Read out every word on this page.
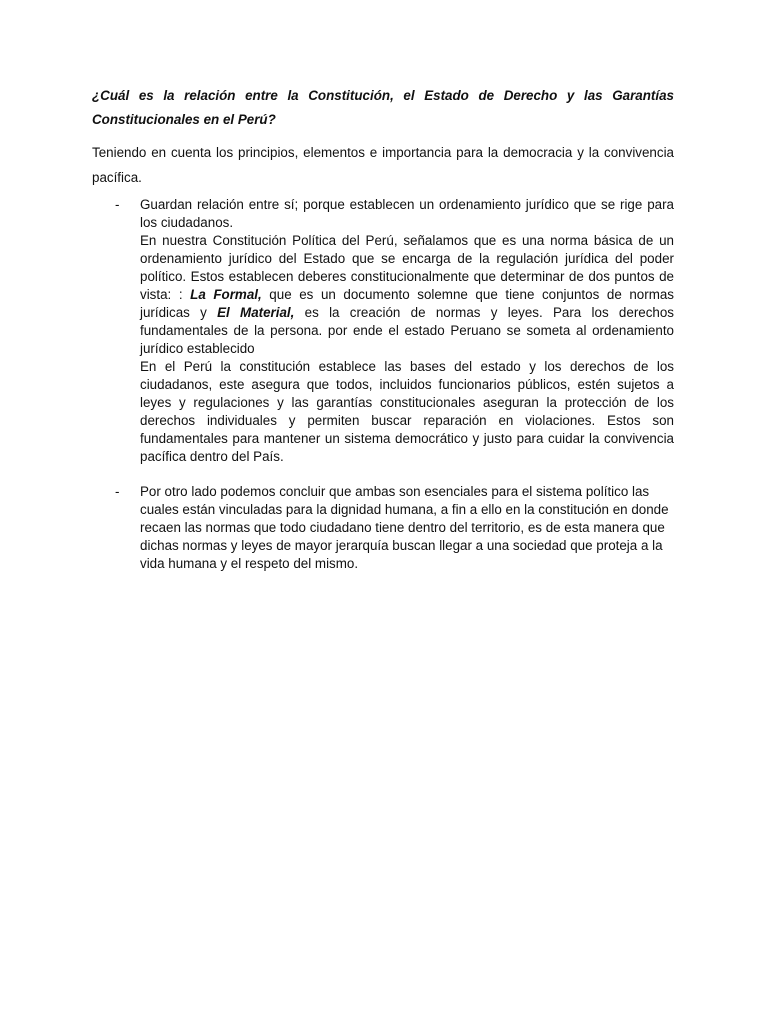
¿Cuál es la relación entre la Constitución, el Estado de Derecho y las Garantías Constitucionales en el Perú?

Teniendo en cuenta los principios, elementos e importancia para la democracia y la convivencia pacífica.

- Guardan relación entre sí; porque establecen un ordenamiento jurídico que se rige para los ciudadanos.

En nuestra Constitución Política del Perú, señalamos que es una norma básica de un ordenamiento jurídico del Estado que se encarga de la regulación jurídica del poder político. Estos establecen deberes constitucionalmente que determinar de dos puntos de vista: : La Formal, que es un documento solemne que tiene conjuntos de normas jurídicas y El Material, es la creación de normas y leyes. Para los derechos fundamentales de la persona. por ende el estado Peruano se someta al ordenamiento jurídico establecido

En el Perú la constitución establece las bases del estado y los derechos de los ciudadanos, este asegura que todos, incluidos funcionarios públicos, estén sujetos a leyes y regulaciones y las garantías constitucionales aseguran la protección de los derechos individuales y permiten buscar reparación en violaciones. Estos son fundamentales para mantener un sistema democrático y justo para cuidar la convivencia pacífica dentro del País.

- Por otro lado podemos concluir que ambas son esenciales para el sistema político las cuales están vinculadas para la dignidad humana, a fin a ello en la constitución en donde recaen las normas que todo ciudadano tiene dentro del territorio, es de esta manera que dichas normas y leyes de mayor jerarquía buscan llegar a una sociedad que proteja a la vida humana y el respeto del mismo.
